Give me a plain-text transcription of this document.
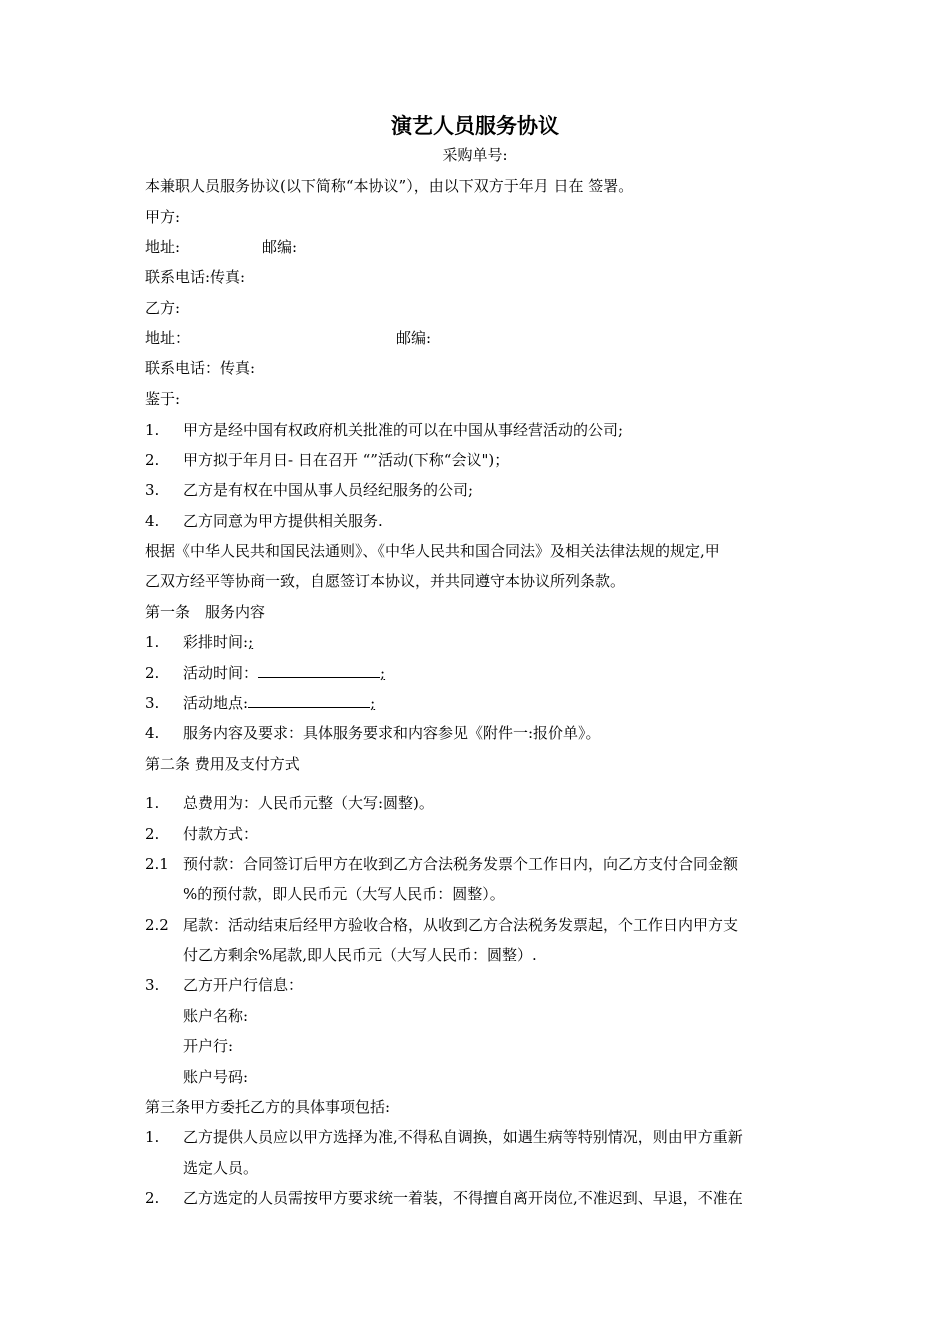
演艺人员服务协议
采购单号:
本兼职人员服务协议(以下简称“本协议”），由以下双方于年月 日在 签署。
甲方:
地址:	邮编:
联系电话:传真:
乙方:
地址：	邮编:
联系电话：传真:
鉴于:
1. 甲方是经中国有权政府机关批准的可以在中国从事经营活动的公司;
2. 甲方拟于年月日- 日在召开 “”活动(下称“会议")；
3. 乙方是有权在中国从事人员经纪服务的公司;
4. 乙方同意为甲方提供相关服务.
根据《中华人民共和国民法通则》、《中华人民共和国合同法》及相关法律法规的规定,甲
乙双方经平等协商一致，自愿签订本协议，并共同遵守本协议所列条款。
第一条　服务内容
1. 彩排时间:;
2. 活动时间：	;
3. 活动地点:	;
4. 服务内容及要求：具体服务要求和内容参见《附件一:报价单》。
第二条 费用及支付方式
1. 总费用为：人民币元整（大写:圆整)。
2. 付款方式：
2.1 预付款：合同签订后甲方在收到乙方合法税务发票个工作日内，向乙方支付合同金额
%的预付款，即人民币元（大写人民币：圆整）。
2.2 尾款：活动结束后经甲方验收合格，从收到乙方合法税务发票起，个工作日内甲方支
付乙方剩余%尾款,即人民币元（大写人民币：圆整）.
3. 乙方开户行信息：
账户名称:
开户行:
账户号码:
第三条甲方委托乙方的具体事项包括:
1. 乙方提供人员应以甲方选择为准,不得私自调换，如遇生病等特别情况，则由甲方重新
选定人员。
2. 乙方选定的人员需按甲方要求统一着装，不得擅自离开岗位,不准迟到、早退，不准在
